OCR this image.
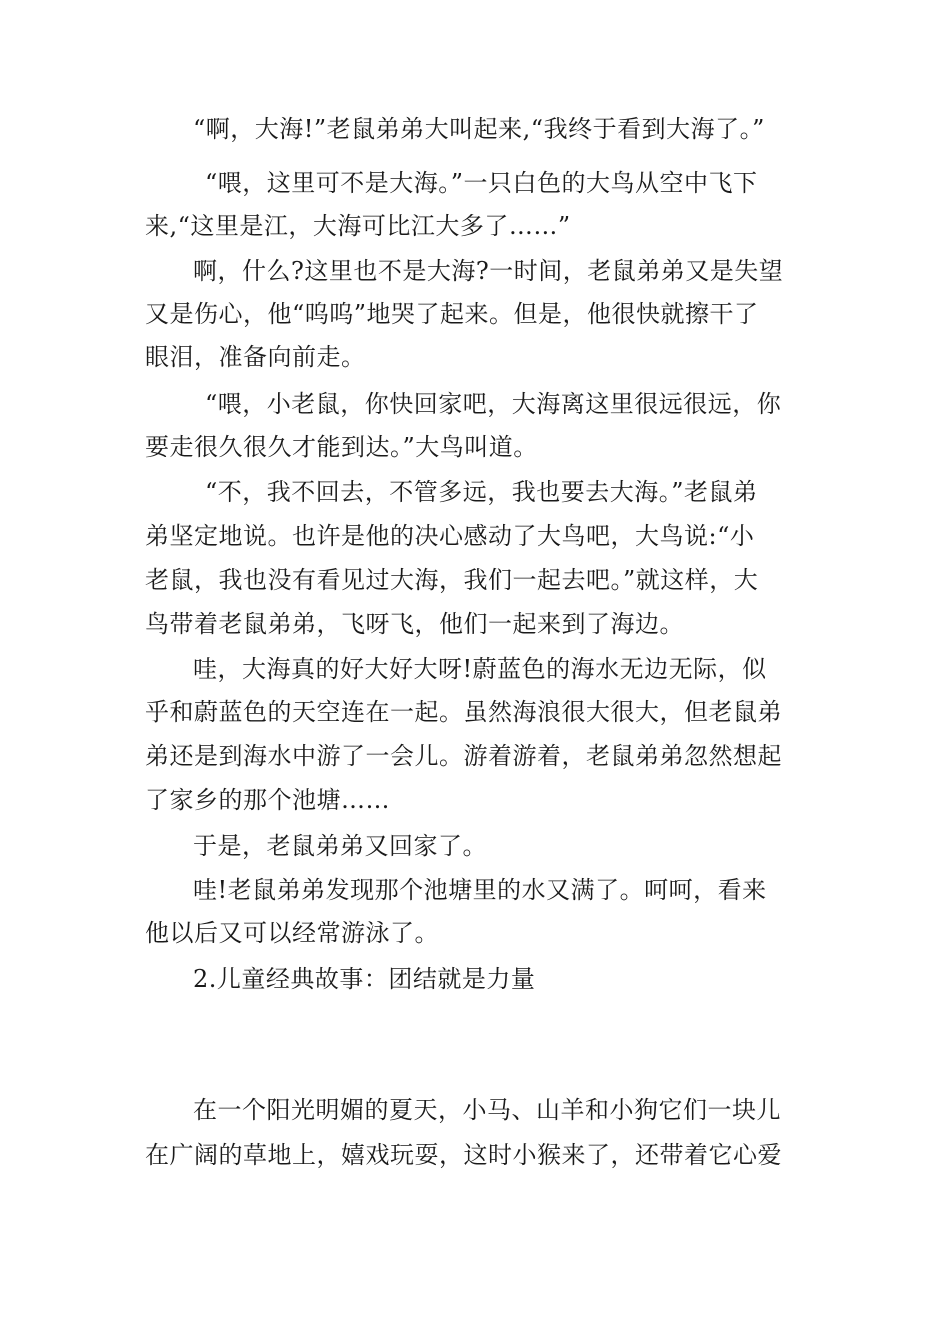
“啊，大海!”老鼠弟弟大叫起来,“我终于看到大海了。”
“喂，这里可不是大海。”一只白色的大鸟从空中飞下
来,“这里是江，大海可比江大多了……”
啊，什么?这里也不是大海?一时间，老鼠弟弟又是失望
又是伤心，他“呜呜”地哭了起来。但是，他很快就擦干了
眼泪，准备向前走。
“喂，小老鼠，你快回家吧，大海离这里很远很远，你
要走很久很久才能到达。”大鸟叫道。
“不，我不回去，不管多远，我也要去大海。”老鼠弟
弟坚定地说。也许是他的决心感动了大鸟吧，大鸟说:“小
老鼠，我也没有看见过大海，我们一起去吧。”就这样，大
鸟带着老鼠弟弟，飞呀飞，他们一起来到了海边。
哇，大海真的好大好大呀!蔚蓝色的海水无边无际，似
乎和蔚蓝色的天空连在一起。虽然海浪很大很大，但老鼠弟
弟还是到海水中游了一会儿。游着游着，老鼠弟弟忽然想起
了家乡的那个池塘……
于是，老鼠弟弟又回家了。
哇!老鼠弟弟发现那个池塘里的水又满了。呵呵，看来
他以后又可以经常游泳了。
2.儿童经典故事：团结就是力量
在一个阳光明媚的夏天，小马、山羊和小狗它们一块儿
在广阔的草地上，嬉戏玩耍，这时小猴来了，还带着它心爱
